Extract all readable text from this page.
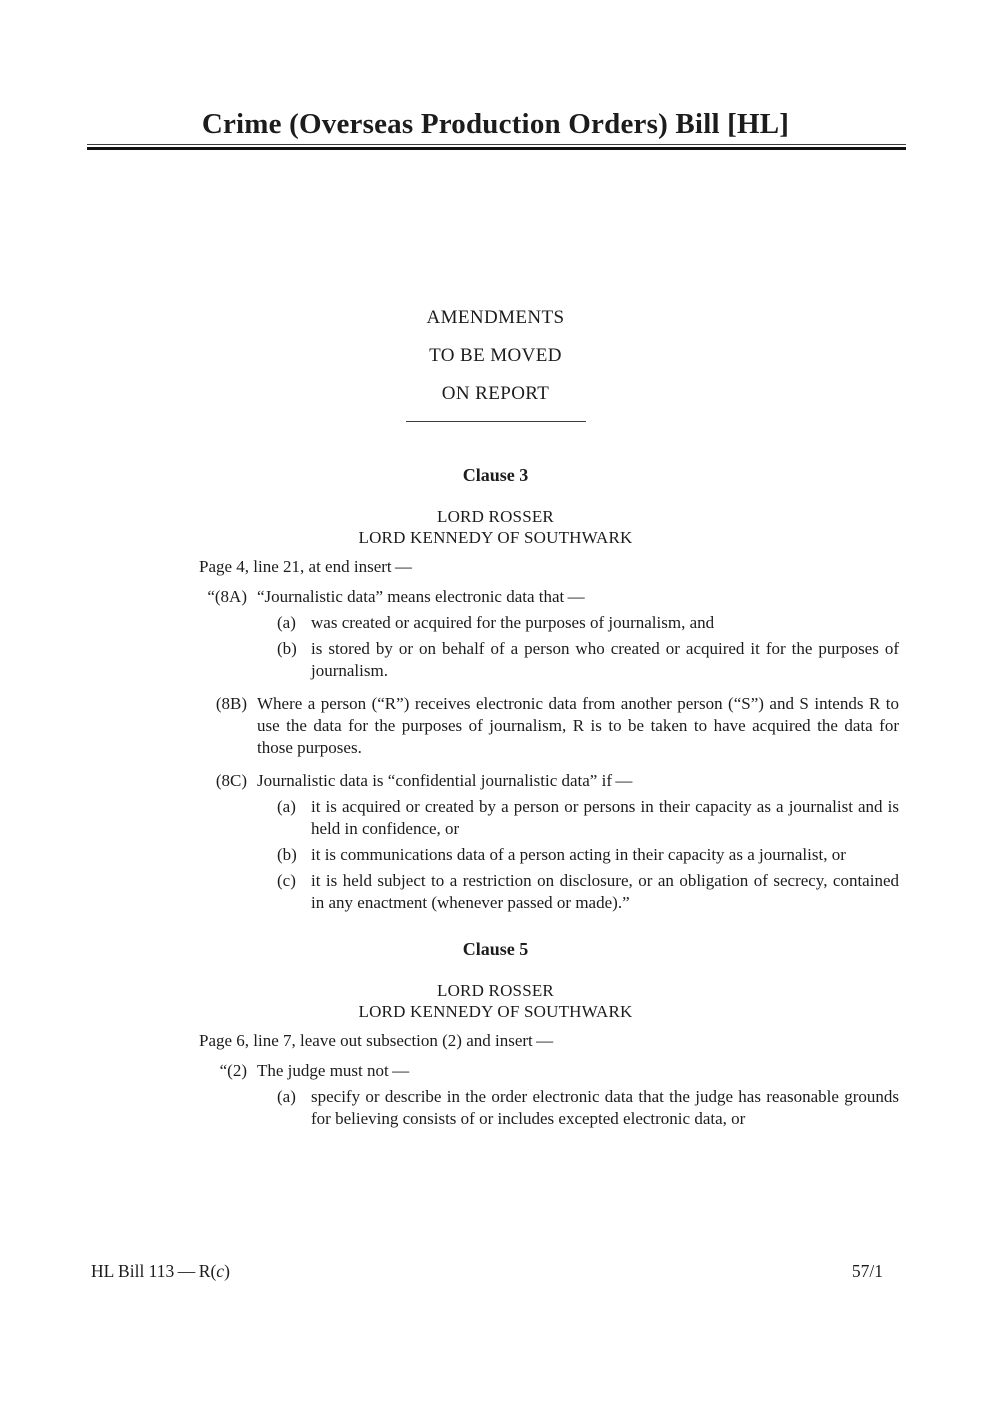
Crime (Overseas Production Orders) Bill [HL]
AMENDMENTS
TO BE MOVED
ON REPORT
Clause 3
LORD ROSSER
LORD KENNEDY OF SOUTHWARK

Page 4, line 21, at end insert —

“(8A) “Journalistic data” means electronic data that —

(a) was created or acquired for the purposes of journalism, and

(b) is stored by or on behalf of a person who created or acquired it for the purposes of journalism.

(8B) Where a person (“R”) receives electronic data from another person (“S”) and S intends R to use the data for the purposes of journalism, R is to be taken to have acquired the data for those purposes.

(8C) Journalistic data is “confidential journalistic data” if —

(a) it is acquired or created by a person or persons in their capacity as a journalist and is held in confidence, or

(b) it is communications data of a person acting in their capacity as a journalist, or

(c) it is held subject to a restriction on disclosure, or an obligation of secrecy, contained in any enactment (whenever passed or made).”

Clause 5
LORD ROSSER
LORD KENNEDY OF SOUTHWARK

Page 6, line 7, leave out subsection (2) and insert —

“(2) The judge must not —

(a) specify or describe in the order electronic data that the judge has reasonable grounds for believing consists of or includes excepted electronic data, or

HL Bill 113 — R(c)	57/1
